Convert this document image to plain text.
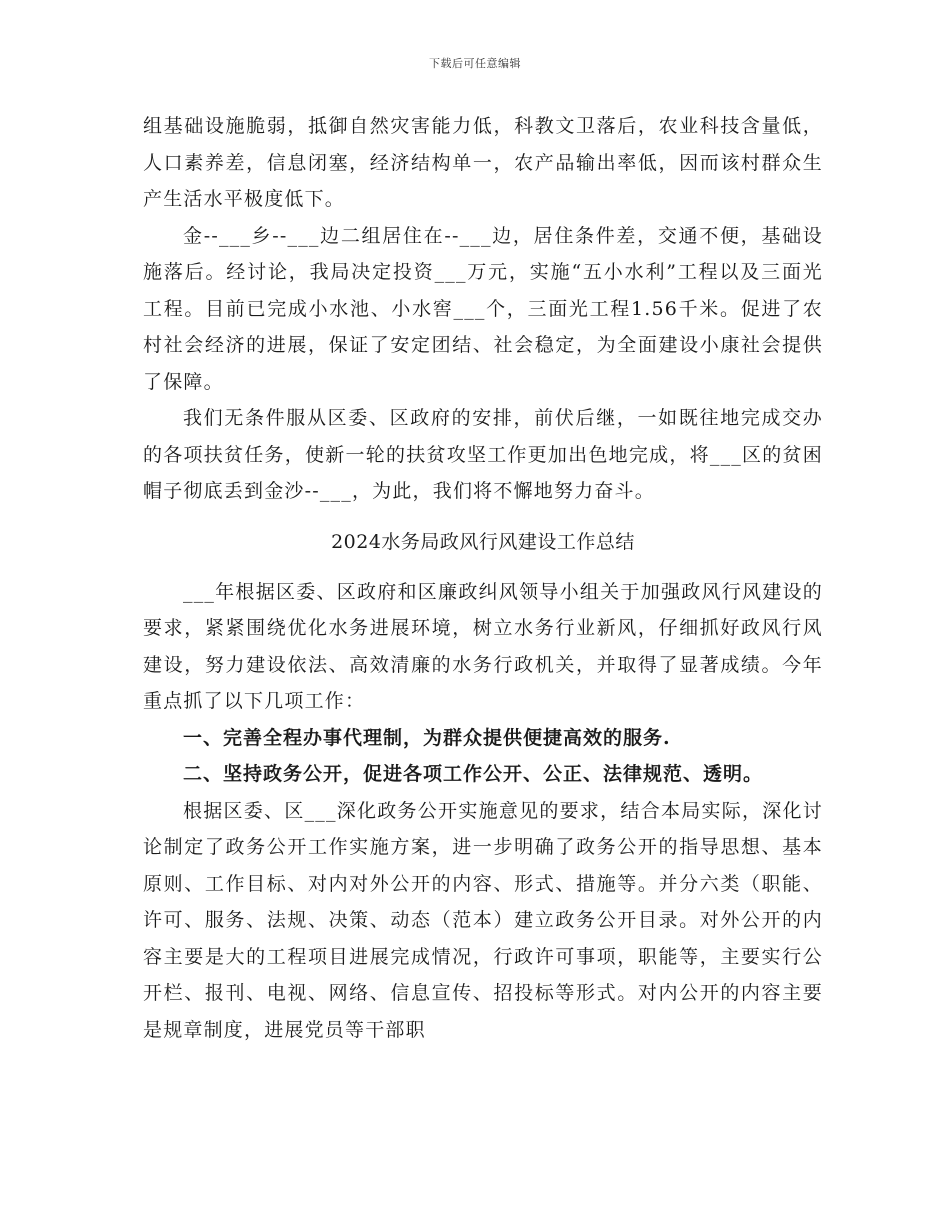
下载后可任意编辑

组基础设施脆弱，抵御自然灾害能力低，科教文卫落后，农业科技含量低，人口素养差，信息闭塞，经济结构单一，农产品输出率低，因而该村群众生产生活水平极度低下。

金--___乡--___边二组居住在--___边，居住条件差，交通不便，基础设施落后。经讨论，我局决定投资___万元，实施“五小水利”工程以及三面光工程。目前已完成小水池、小水窖___个，三面光工程1.56千米。促进了农村社会经济的进展，保证了安定团结、社会稳定，为全面建设小康社会提供了保障。

我们无条件服从区委、区政府的安排，前伏后继，一如既往地完成交办的各项扶贫任务，使新一轮的扶贫攻坚工作更加出色地完成，将___区的贫困帽子彻底丢到金沙--___，为此，我们将不懈地努力奋斗。

2024水务局政风行风建设工作总结

___年根据区委、区政府和区廉政纠风领导小组关于加强政风行风建设的要求，紧紧围绕优化水务进展环境，树立水务行业新风，仔细抓好政风行风建设，努力建设依法、高效清廉的水务行政机关，并取得了显著成绩。今年重点抓了以下几项工作：

一、完善全程办事代理制，为群众提供便捷高效的服务.

二、坚持政务公开，促进各项工作公开、公正、法律规范、透明。

根据区委、区___深化政务公开实施意见的要求，结合本局实际，深化讨论制定了政务公开工作实施方案，进一步明确了政务公开的指导思想、基本原则、工作目标、对内对外公开的内容、形式、措施等。并分六类（职能、许可、服务、法规、决策、动态（范本）建立政务公开目录。对外公开的内容主要是大的工程项目进展完成情况，行政许可事项，职能等，主要实行公开栏、报刊、电视、网络、信息宣传、招投标等形式。对内公开的内容主要是规章制度，进展党员等干部职
